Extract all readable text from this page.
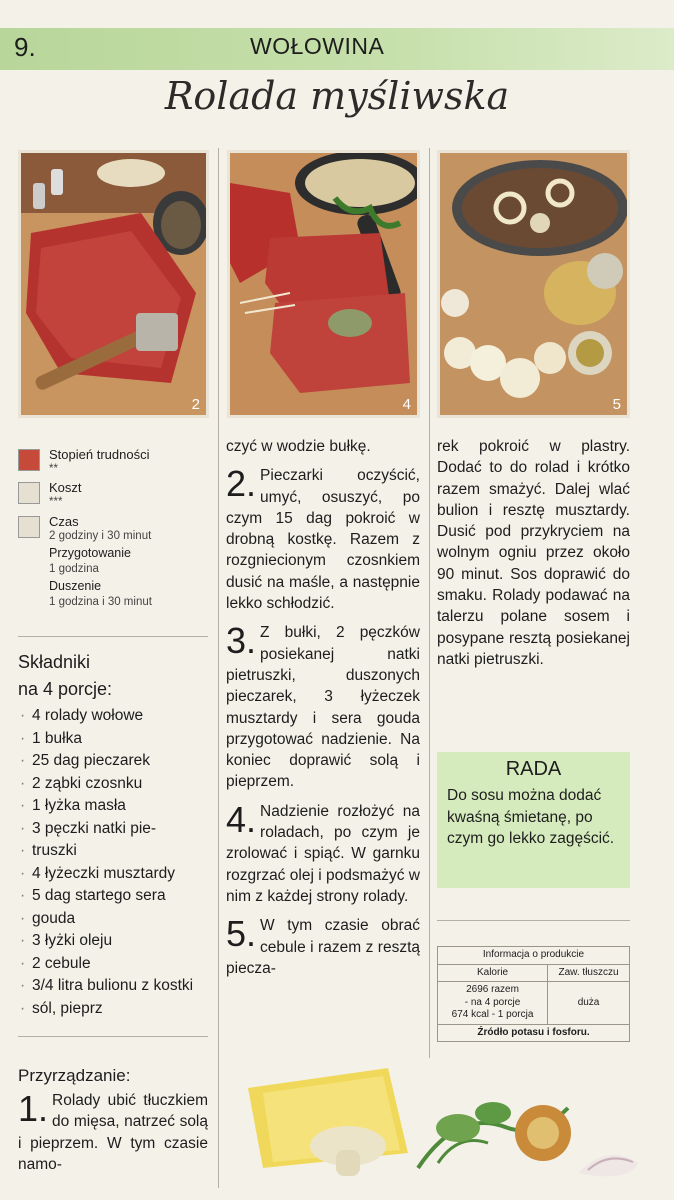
9.	WOŁOWINA
Rolada myśliwska
2	4	5
Stopień trudności
**
Koszt
***
Czas
2 godziny i 30 minut
Przygotowanie
1 godzina
Duszenie
1 godzina i 30 minut
Składniki
na 4 porcje:
· 4 rolady wołowe
· 1 bułka
· 25 dag pieczarek
· 2 ząbki czosnku
· 1 łyżka masła
· 3 pęczki natki pie-
· truszki
· 4 łyżeczki musztardy
· 5 dag startego sera
· gouda
· 3 łyżki oleju
· 2 cebule
· 3/4 litra bulionu z kostki
· sól, pieprz
Przyrządzanie:

1. Rolady ubić tłuczkiem do mięsa, natrzeć solą i pieprzem. W tym czasie namo-

czyć w wodzie bułkę.

2. Pieczarki oczyścić, umyć, osuszyć, po czym 15 dag pokroić w drobną kostkę. Razem z rozgniecionym czosnkiem dusić na maśle, a następnie lekko schłodzić.

3. Z bułki, 2 pęczków posiekanej natki pietruszki, duszonych pieczarek, 3 łyżeczek musztardy i sera gouda przygotować nadzienie. Na koniec doprawić solą i pieprzem.

4. Nadzienie rozłożyć na roladach, po czym je zrolować i spiąć. W garnku rozgrzać olej i podsmażyć w nim z każdej strony rolady.

5. W tym czasie obrać cebule i razem z resztą piecza-

rek pokroić w plastry. Dodać to do rolad i krótko razem smażyć. Dalej wlać bulion i resztę musztardy. Dusić pod przykryciem na wolnym ogniu przez około 90 minut. Sos doprawić do smaku. Rolady podawać na talerzu polane sosem i posypane resztą posiekanej natki pietruszki.

RADA
Do sosu można dodać kwaśną śmietanę, po czym go lekko zagęścić.
Informacja o produkcie	
Kalorie	Zaw. tłuszczu

2696 razem
- na 4 porcje
674 kcal - 1 porcja	duża
Źródło potasu i fosforu.	
